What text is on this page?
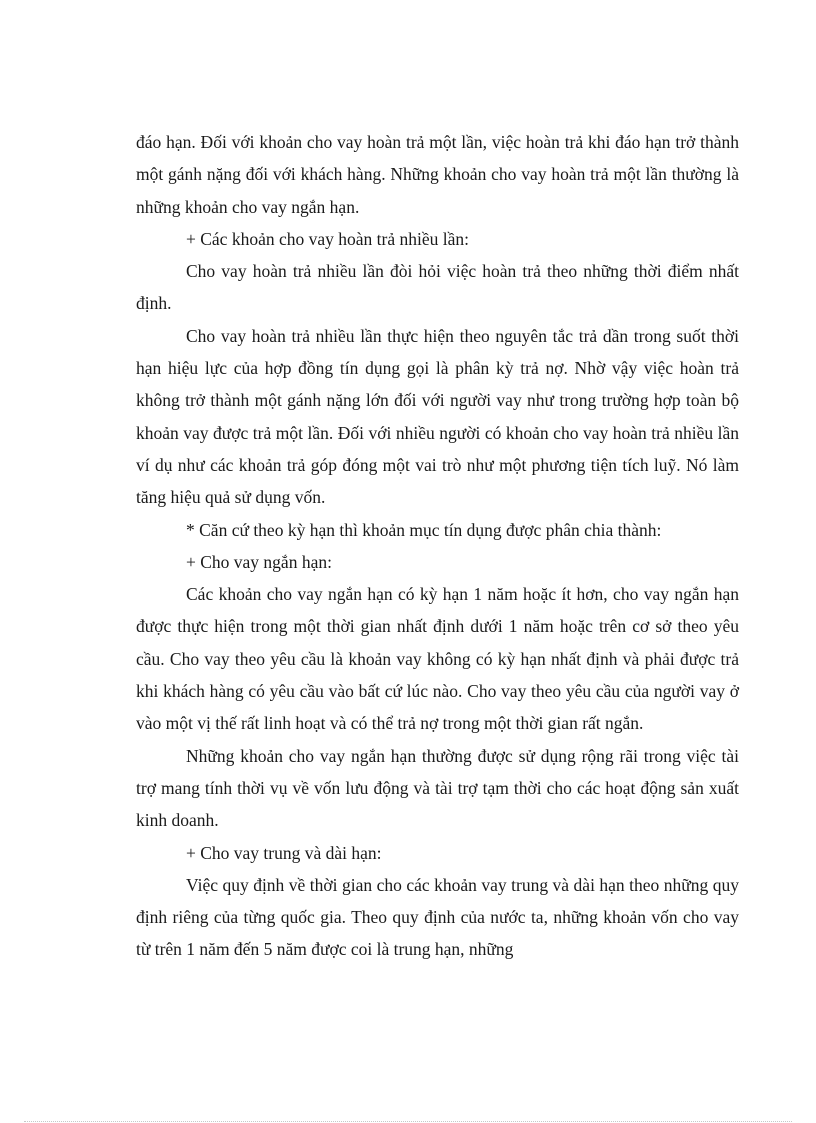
đáo hạn. Đối với khoản cho vay hoàn trả một lần, việc hoàn trả khi đáo hạn trở thành một gánh nặng đối với khách hàng. Những khoản cho vay hoàn trả một lần thường là những khoản cho vay ngắn hạn.

+ Các khoản cho vay hoàn trả nhiều lần:

Cho vay hoàn trả nhiều lần đòi hỏi việc hoàn trả theo những thời điểm nhất định.

Cho vay hoàn trả nhiều lần thực hiện theo nguyên tắc trả dần trong suốt thời hạn hiệu lực của hợp đồng tín dụng gọi là phân kỳ trả nợ. Nhờ vậy việc hoàn trả không trở thành một gánh nặng lớn đối với người vay như trong trường hợp toàn bộ khoản vay được trả một lần. Đối với nhiều người có khoản cho vay hoàn trả nhiều lần ví dụ như các khoản trả góp đóng một vai trò như một phương tiện tích luỹ. Nó làm tăng hiệu quả sử dụng vốn.

* Căn cứ theo kỳ hạn thì khoản mục tín dụng được phân chia thành:

+ Cho vay ngắn hạn:

Các khoản cho vay ngắn hạn có kỳ hạn 1 năm hoặc ít hơn, cho vay ngắn hạn được thực hiện trong một thời gian nhất định dưới 1 năm hoặc trên cơ sở theo yêu cầu. Cho vay theo yêu cầu là khoản vay không có kỳ hạn nhất định và phải được trả khi khách hàng có yêu cầu vào bất cứ lúc nào. Cho vay theo yêu cầu của người vay ở vào một vị thế rất linh hoạt và có thể trả nợ trong một thời gian rất ngắn.

Những khoản cho vay ngắn hạn thường được sử dụng rộng rãi trong việc tài trợ mang tính thời vụ về vốn lưu động và tài trợ tạm thời cho các hoạt động sản xuất kinh doanh.

+ Cho vay trung và dài hạn:

Việc quy định về thời gian cho các khoản vay trung và dài hạn theo những quy định riêng của từng quốc gia. Theo quy định của nước ta, những khoản vốn cho vay từ trên 1 năm đến 5 năm được coi là trung hạn, những
